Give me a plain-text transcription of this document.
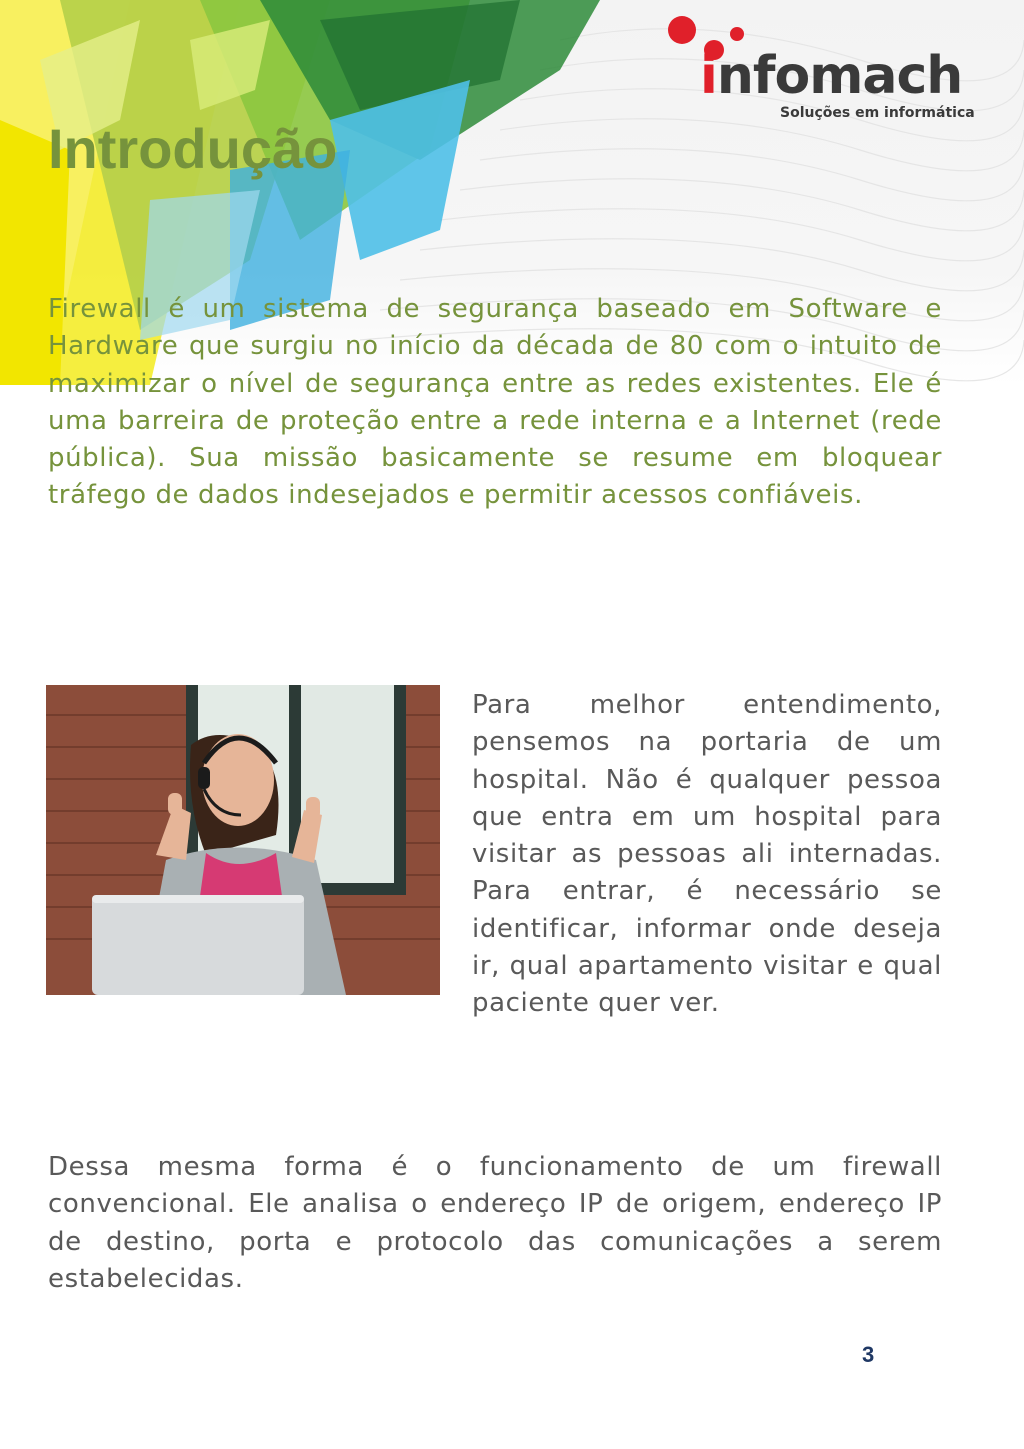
infomach
Soluções em informática
Introdução

Firewall é um sistema de segurança baseado em Software e Hardware que surgiu no início da década de 80 com o intuito de maximizar o nível de segurança entre as redes existentes. Ele é uma barreira de proteção entre a rede interna e a Internet (rede pública). Sua missão basicamente se resume em bloquear tráfego de dados indesejados e permitir acessos confiáveis.

Para melhor entendimento, pensemos na portaria de um hospital. Não é qualquer pessoa que entra em um hospital para visitar as pessoas ali internadas. Para entrar, é necessário se identificar, informar onde deseja ir, qual apartamento visitar e qual paciente quer ver.

Dessa mesma forma é o funcionamento de um firewall convencional. Ele analisa o endereço IP de origem, endereço IP de destino, porta e protocolo das comunicações a serem estabelecidas.

3
